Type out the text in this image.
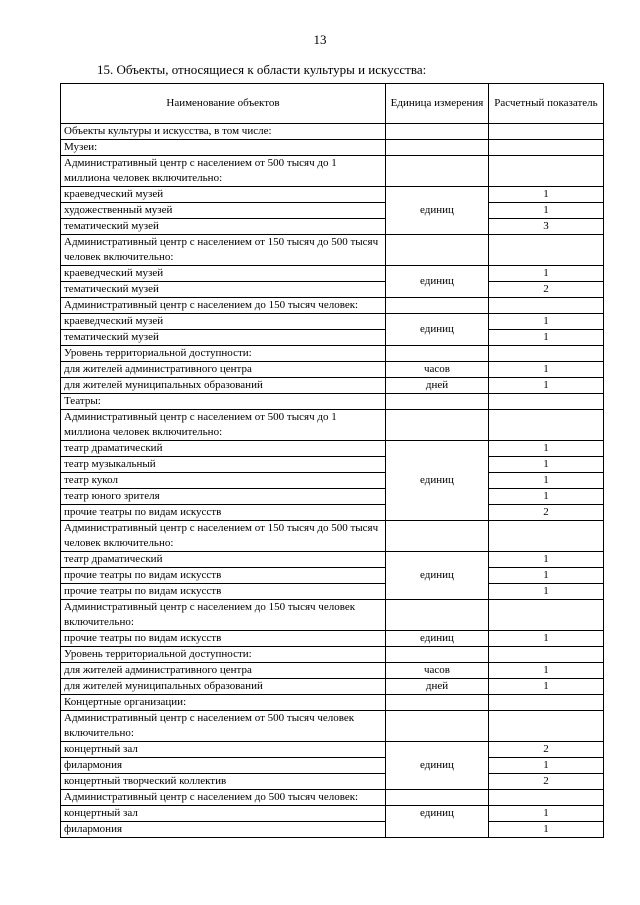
13
15. Объекты, относящиеся к области культуры и искусства:
Наименование объектов	Единица измерения	Расчетный показатель
Объекты культуры и искусства, в том числе:		
Музеи:		
Административный центр с населением от 500 тысяч до 1 миллиона человек включительно:		
краеведческий музей	единиц	1
художественный музей		1
тематический музей		3
Административный центр с населением от 150 тысяч до 500 тысяч человек включительно:		
краеведческий музей	единиц	1
тематический музей		2
Административный центр с населением до 150 тысяч человек:		
краеведческий музей	единиц	1
тематический музей		1
Уровень территориальной доступности:		
для жителей административного центра	часов	1
для жителей муниципальных образований	дней	1
Театры:		
Административный центр с населением от 500 тысяч до 1 миллиона человек включительно:		
театр драматический	единиц	1
театр музыкальный		1
театр кукол		1
театр юного зрителя		1
прочие театры по видам искусств		2
Административный центр с населением от 150 тысяч до 500 тысяч человек включительно:		
театр драматический	единиц	1
прочие театры по видам искусств		1
прочие театры по видам искусств		1
Административный центр с населением до 150 тысяч человек включительно:		
прочие театры по видам искусств	единиц	1
Уровень территориальной доступности:		
для жителей административного центра	часов	1
для жителей муниципальных образований	дней	1
Концертные организации:		
Административный центр с населением от 500 тысяч человек включительно:		
концертный зал	единиц	2
филармония		1
концертный творческий коллектив		2
Административный центр с населением до 500 тысяч человек:		
концертный зал	единиц	1
филармония		1
